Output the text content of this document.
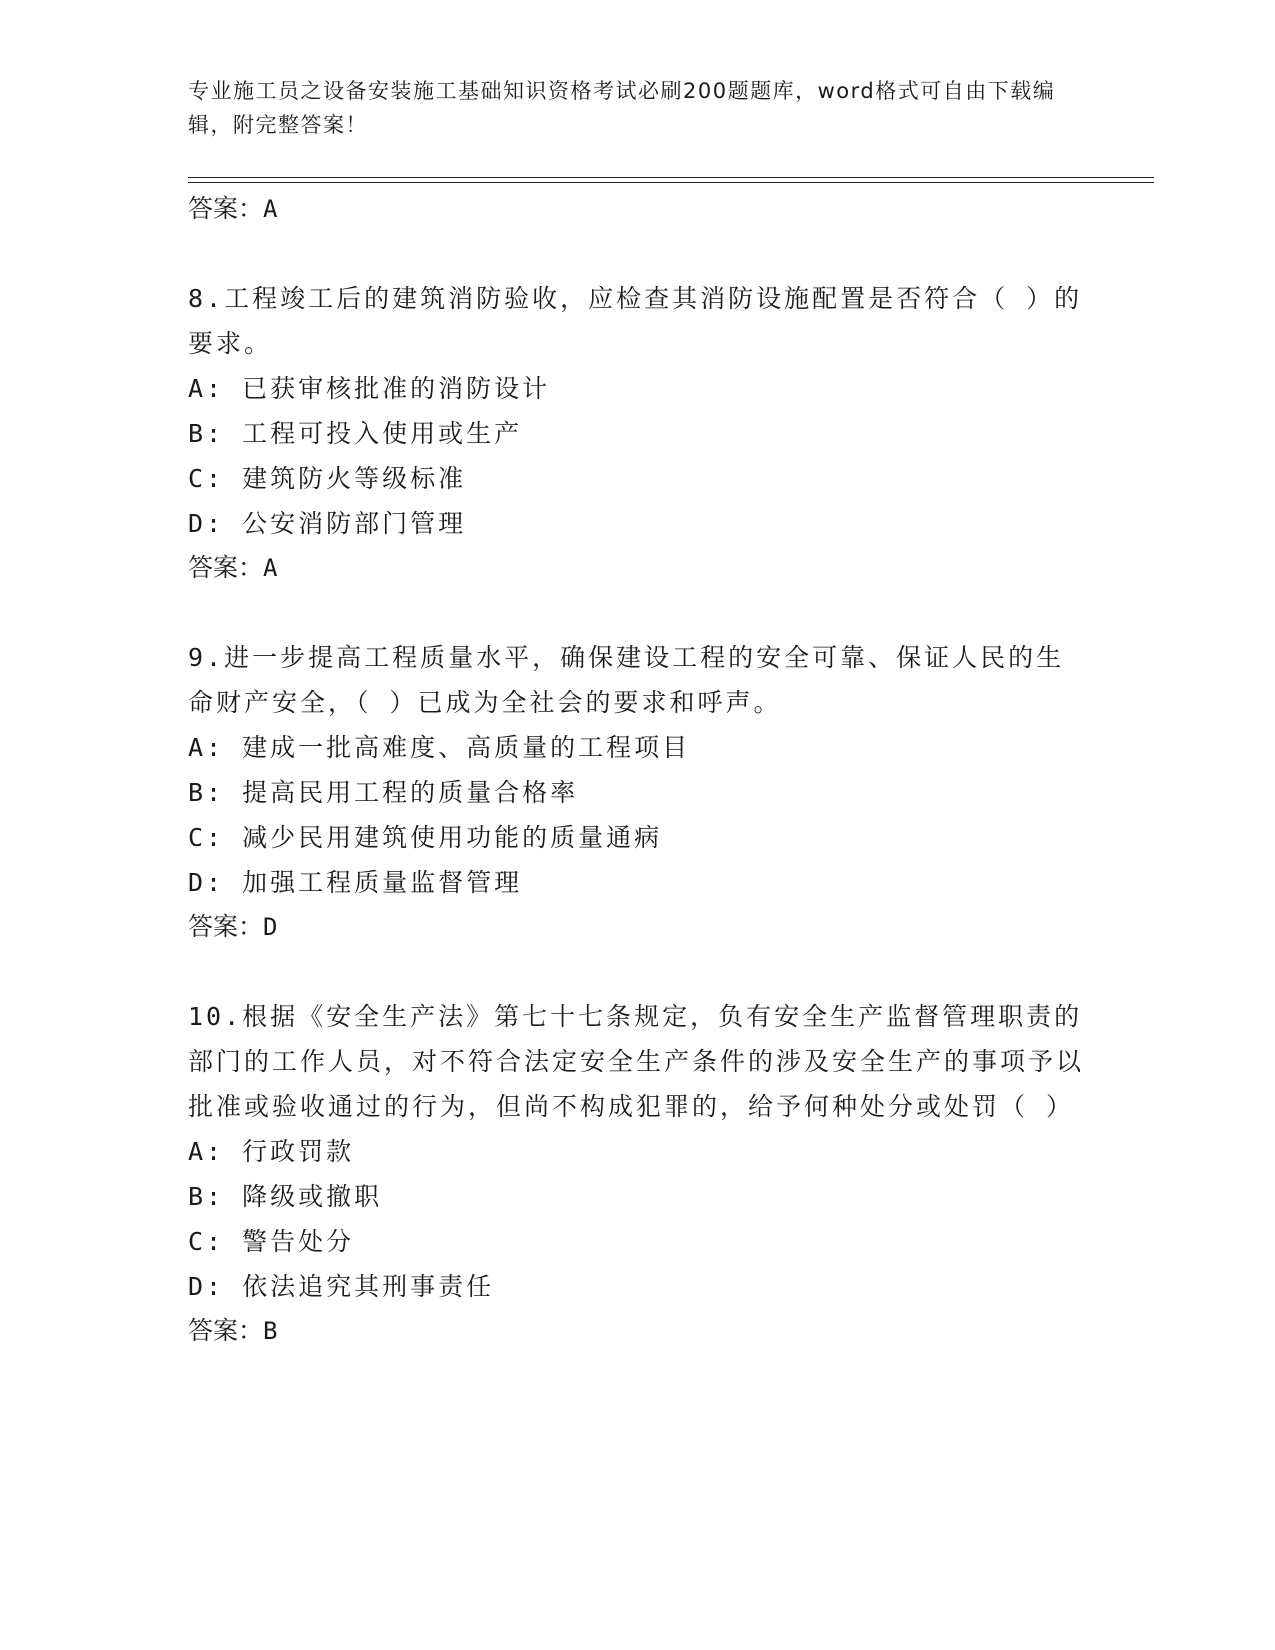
专业施工员之设备安装施工基础知识资格考试必刷200题题库，word格式可自由下载编辑，附完整答案！
答案：A
8.工程竣工后的建筑消防验收，应检查其消防设施配置是否符合（ ）的要求。
A: 已获审核批准的消防设计
B: 工程可投入使用或生产
C: 建筑防火等级标准
D: 公安消防部门管理
答案：A
9.进一步提高工程质量水平，确保建设工程的安全可靠、保证人民的生命财产安全，（ ）已成为全社会的要求和呼声。
A: 建成一批高难度、高质量的工程项目
B: 提高民用工程的质量合格率
C: 减少民用建筑使用功能的质量通病
D: 加强工程质量监督管理
答案：D
10.根据《安全生产法》第七十七条规定，负有安全生产监督管理职责的部门的工作人员，对不符合法定安全生产条件的涉及安全生产的事项予以批准或验收通过的行为，但尚不构成犯罪的，给予何种处分或处罚（ ）
A: 行政罚款
B: 降级或撤职
C: 警告处分
D: 依法追究其刑事责任
答案：B
